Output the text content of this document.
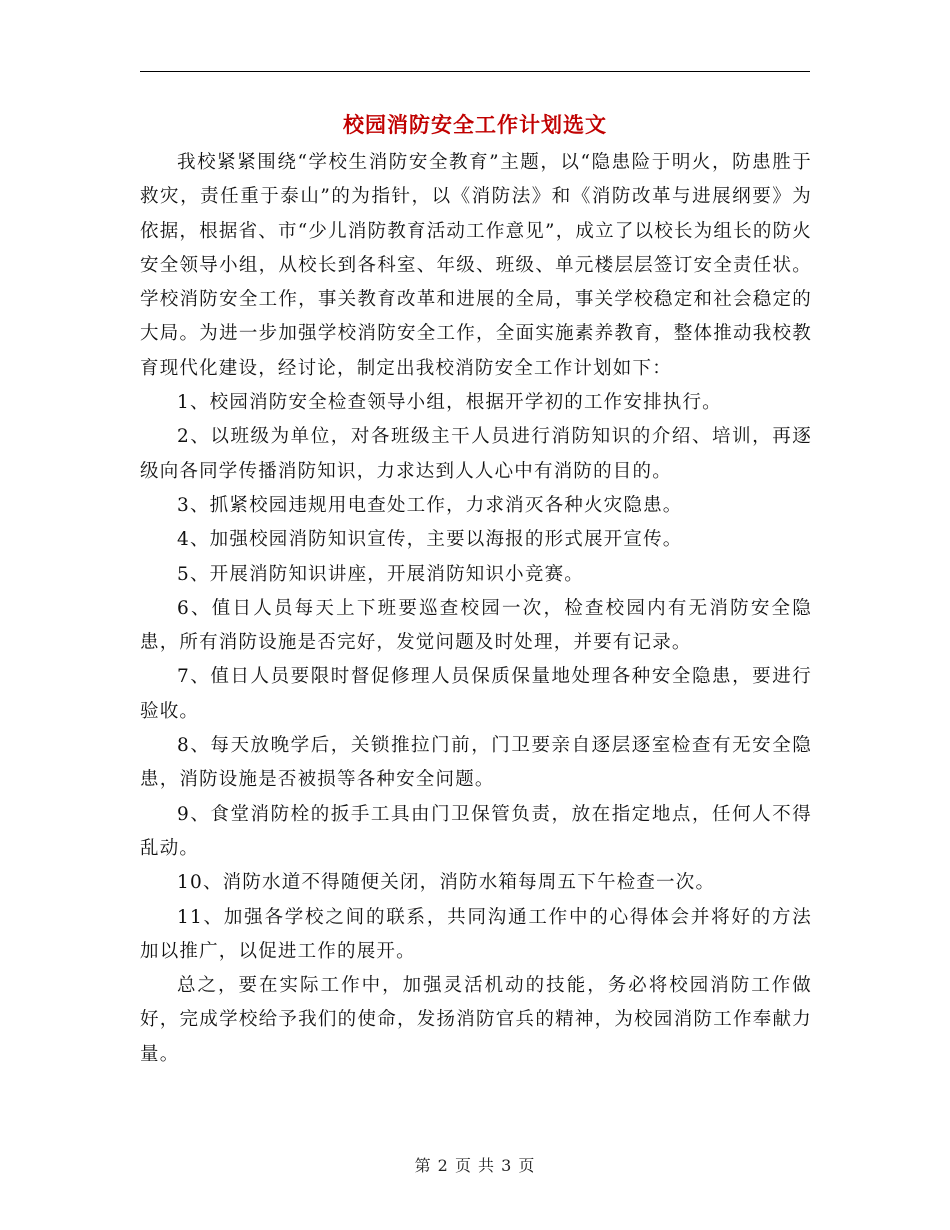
校园消防安全工作计划选文

我校紧紧围绕“学校生消防安全教育”主题，以“隐患险于明火，防患胜于救灾，责任重于泰山”的为指针，以《消防法》和《消防改革与进展纲要》为依据，根据省、市“少儿消防教育活动工作意见”，成立了以校长为组长的防火安全领导小组，从校长到各科室、年级、班级、单元楼层层签订安全责任状。学校消防安全工作，事关教育改革和进展的全局，事关学校稳定和社会稳定的大局。为进一步加强学校消防安全工作，全面实施素养教育，整体推动我校教育现代化建设，经讨论，制定出我校消防安全工作计划如下：

1、校园消防安全检查领导小组，根据开学初的工作安排执行。

2、以班级为单位，对各班级主干人员进行消防知识的介绍、培训，再逐级向各同学传播消防知识，力求达到人人心中有消防的目的。

3、抓紧校园违规用电查处工作，力求消灭各种火灾隐患。

4、加强校园消防知识宣传，主要以海报的形式展开宣传。

5、开展消防知识讲座，开展消防知识小竞赛。

6、值日人员每天上下班要巡查校园一次，检查校园内有无消防安全隐患，所有消防设施是否完好，发觉问题及时处理，并要有记录。

7、值日人员要限时督促修理人员保质保量地处理各种安全隐患，要进行验收。

8、每天放晚学后，关锁推拉门前，门卫要亲自逐层逐室检查有无安全隐患，消防设施是否被损等各种安全问题。

9、食堂消防栓的扳手工具由门卫保管负责，放在指定地点，任何人不得乱动。

10、消防水道不得随便关闭，消防水箱每周五下午检查一次。

11、加强各学校之间的联系，共同沟通工作中的心得体会并将好的方法加以推广，以促进工作的展开。

总之，要在实际工作中，加强灵活机动的技能，务必将校园消防工作做好，完成学校给予我们的使命，发扬消防官兵的精神，为校园消防工作奉献力量。

第 2 页 共 3 页
